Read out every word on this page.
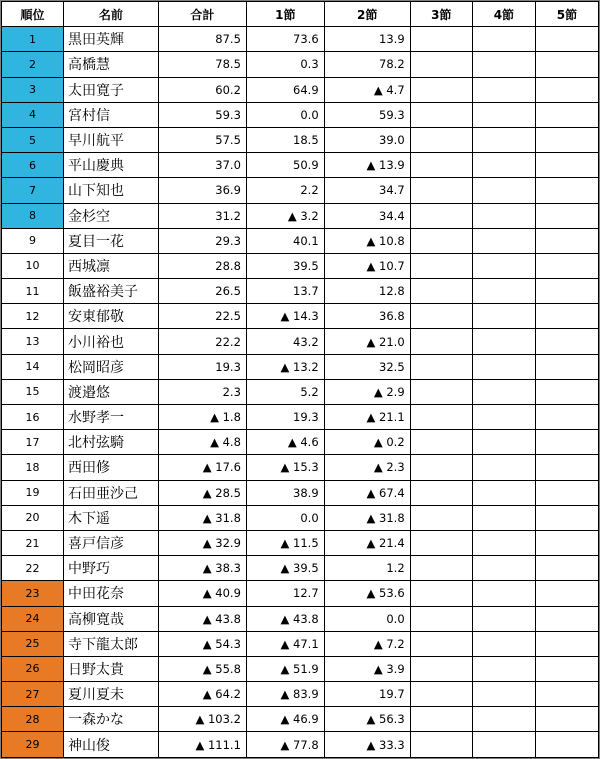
順位	名前	合計	1節	2節	3節	4節	5節
1	黒田英輝	87.5	73.6	13.9			
2	高橋慧	78.5	0.3	78.2			
3	太田寛子	60.2	64.9	▲ 4.7			
4	宮村信	59.3	0.0	59.3			
5	早川航平	57.5	18.5	39.0			
6	平山慶典	37.0	50.9	▲ 13.9			
7	山下知也	36.9	2.2	34.7			
8	金杉空	31.2	▲ 3.2	34.4			
9	夏目一花	29.3	40.1	▲ 10.8			
10	西城凛	28.8	39.5	▲ 10.7			
11	飯盛裕美子	26.5	13.7	12.8			
12	安東郁敬	22.5	▲ 14.3	36.8			
13	小川裕也	22.2	43.2	▲ 21.0			
14	松岡昭彦	19.3	▲ 13.2	32.5			
15	渡邉悠	2.3	5.2	▲ 2.9			
16	水野孝一	▲ 1.8	19.3	▲ 21.1			
17	北村弦騎	▲ 4.8	▲ 4.6	▲ 0.2			
18	西田修	▲ 17.6	▲ 15.3	▲ 2.3			
19	石田亜沙己	▲ 28.5	38.9	▲ 67.4			
20	木下遥	▲ 31.8	0.0	▲ 31.8			
21	喜戸信彦	▲ 32.9	▲ 11.5	▲ 21.4			
22	中野巧	▲ 38.3	▲ 39.5	1.2			
23	中田花奈	▲ 40.9	12.7	▲ 53.6			
24	高柳寛哉	▲ 43.8	▲ 43.8	0.0			
25	寺下龍太郎	▲ 54.3	▲ 47.1	▲ 7.2			
26	日野太貴	▲ 55.8	▲ 51.9	▲ 3.9			
27	夏川夏未	▲ 64.2	▲ 83.9	19.7			
28	一森かな	▲ 103.2	▲ 46.9	▲ 56.3			
29	神山俊	▲ 111.1	▲ 77.8	▲ 33.3			
